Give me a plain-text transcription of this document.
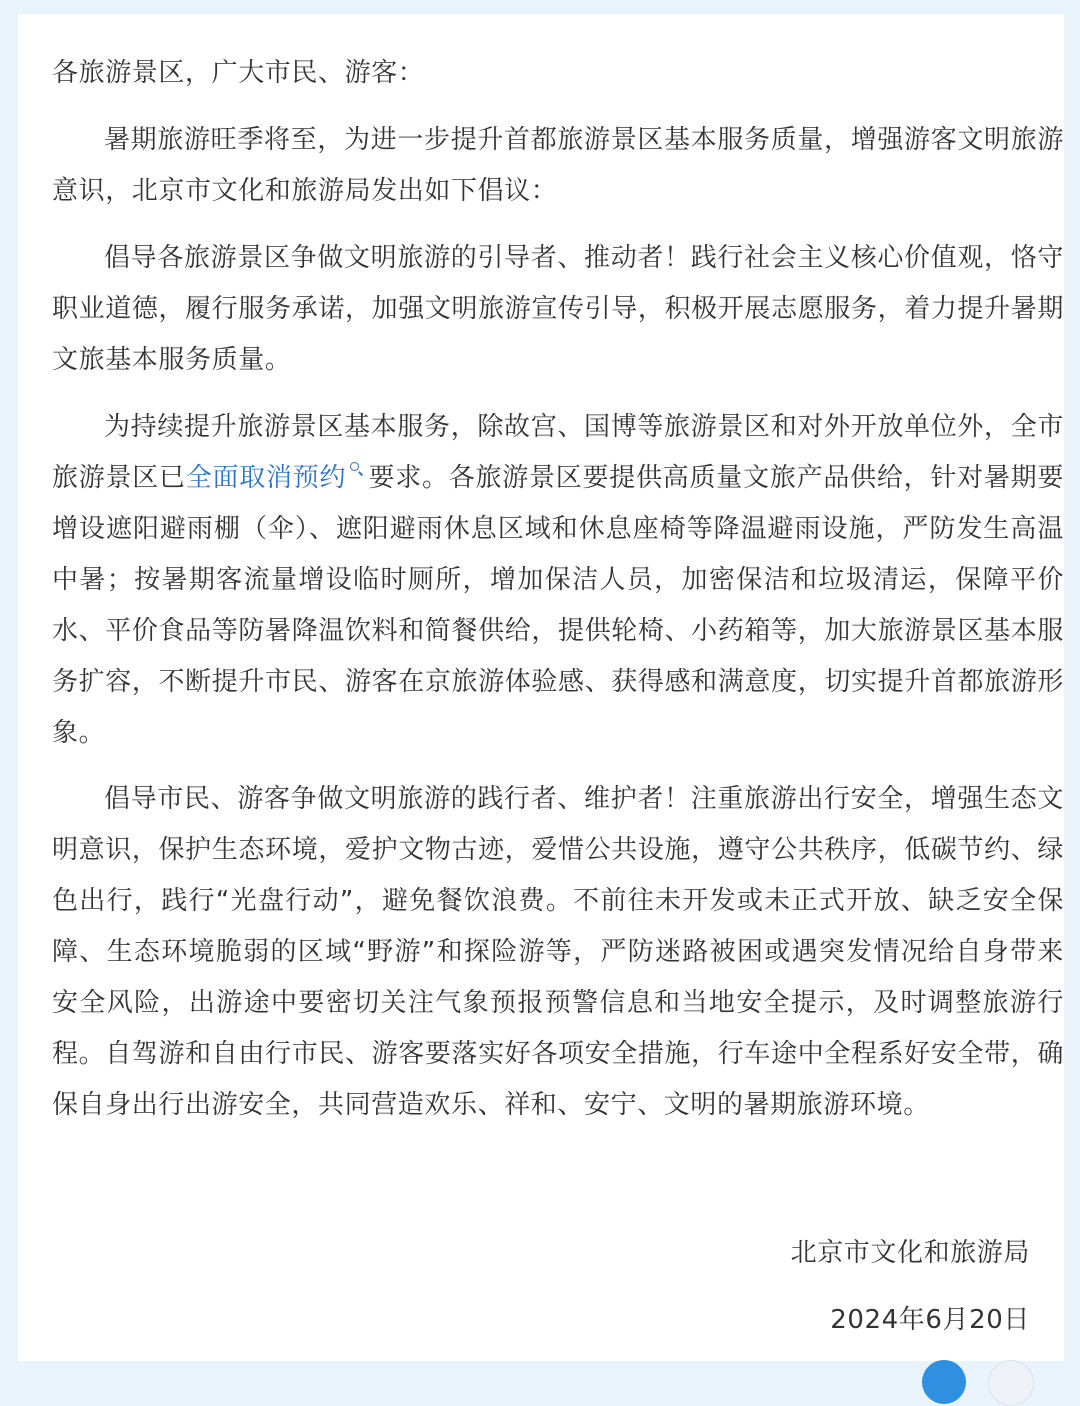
各旅游景区，广大市民、游客：

暑期旅游旺季将至，为进一步提升首都旅游景区基本服务质量，增强游客文明旅游意识，北京市文化和旅游局发出如下倡议：

倡导各旅游景区争做文明旅游的引导者、推动者！践行社会主义核心价值观，恪守职业道德，履行服务承诺，加强文明旅游宣传引导，积极开展志愿服务，着力提升暑期文旅基本服务质量。

为持续提升旅游景区基本服务，除故宫、国博等旅游景区和对外开放单位外，全市旅游景区已全面取消预约 要求。各旅游景区要提供高质量文旅产品供给，针对暑期要增设遮阳避雨棚（伞）、遮阳避雨休息区域和休息座椅等降温避雨设施，严防发生高温中暑；按暑期客流量增设临时厕所，增加保洁人员，加密保洁和垃圾清运，保障平价水、平价食品等防暑降温饮料和简餐供给，提供轮椅、小药箱等，加大旅游景区基本服务扩容，不断提升市民、游客在京旅游体验感、获得感和满意度，切实提升首都旅游形象。

倡导市民、游客争做文明旅游的践行者、维护者！注重旅游出行安全，增强生态文明意识，保护生态环境，爱护文物古迹，爱惜公共设施，遵守公共秩序，低碳节约、绿色出行，践行“光盘行动”，避免餐饮浪费。不前往未开发或未正式开放、缺乏安全保障、生态环境脆弱的区域“野游”和探险游等，严防迷路被困或遇突发情况给自身带来安全风险，出游途中要密切关注气象预报预警信息和当地安全提示，及时调整旅游行程。自驾游和自由行市民、游客要落实好各项安全措施，行车途中全程系好安全带，确保自身出行出游安全，共同营造欢乐、祥和、安宁、文明的暑期旅游环境。

北京市文化和旅游局

2024年6月20日
